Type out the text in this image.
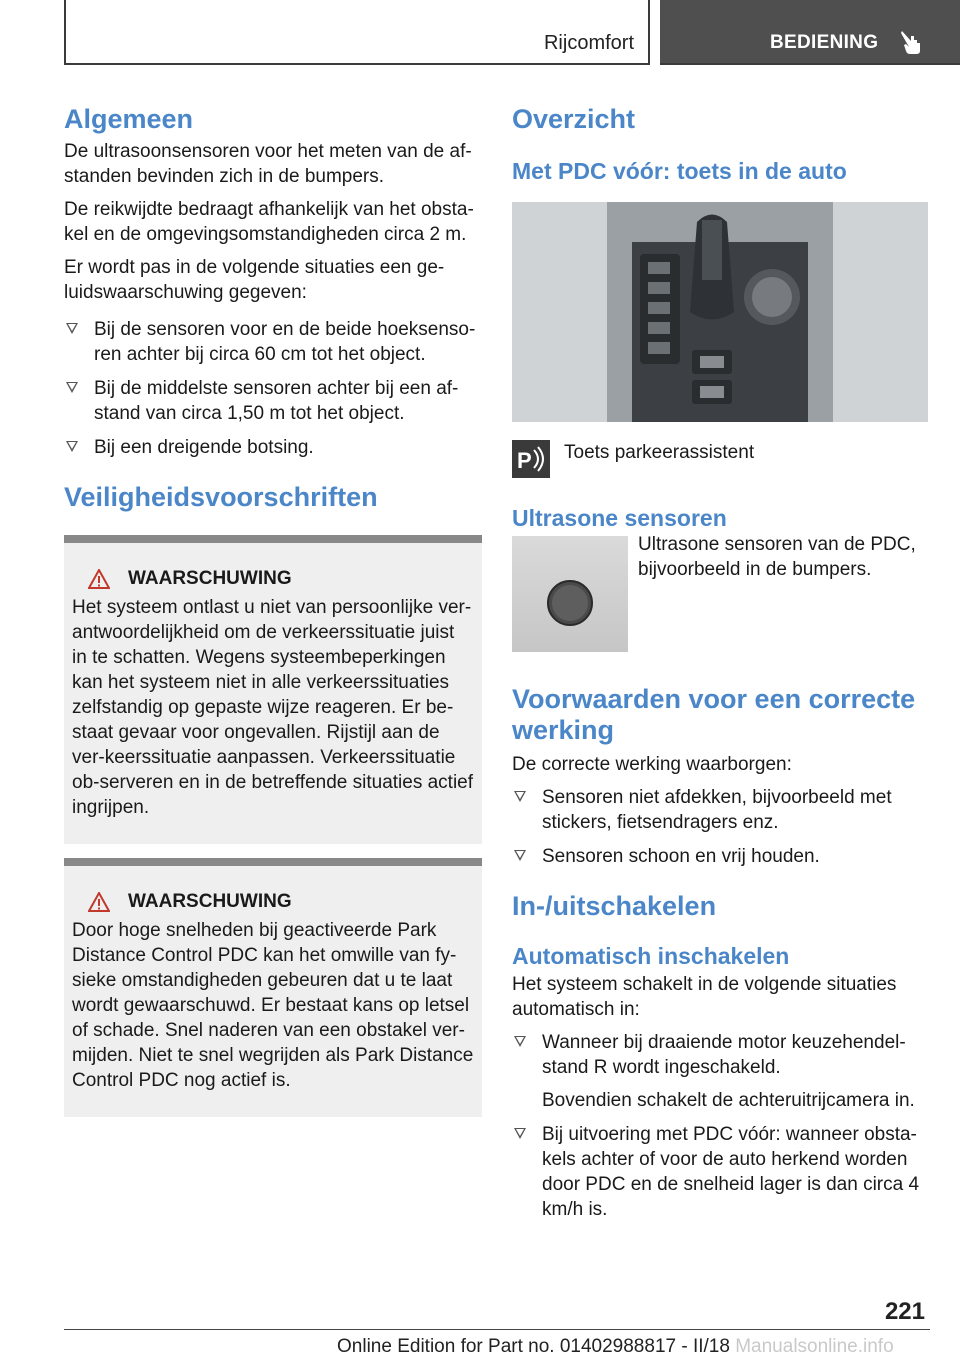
Rijcomfort	BEDIENING
Algemeen

De ultrasoonsensoren voor het meten van de af-standen bevinden zich in de bumpers.

De reikwijdte bedraagt afhankelijk van het obsta-kel en de omgevingsomstandigheden circa 2 m.

Er wordt pas in de volgende situaties een ge-luidswaarschuwing gegeven:

Bij de sensoren voor en de beide hoeksenso-ren achter bij circa 60 cm tot het object.
Bij de middelste sensoren achter bij een af-stand van circa 1,50 m tot het object.
Bij een dreigende botsing.
Veiligheidsvoorschriften
WAARSCHUWING

Het systeem ontlast u niet van persoonlijke ver-antwoordelijkheid om de verkeerssituatie juist in te schatten. Wegens systeembeperkingen kan het systeem niet in alle verkeerssituaties zelfstandig op gepaste wijze reageren. Er be-staat gevaar voor ongevallen. Rijstijl aan de ver-keerssituatie aanpassen. Verkeerssituatie ob-serveren en in de betreffende situaties actief ingrijpen.

WAARSCHUWING

Door hoge snelheden bij geactiveerde Park Distance Control PDC kan het omwille van fy-sieke omstandigheden gebeuren dat u te laat wordt gewaarschuwd. Er bestaat kans op letsel of schade. Snel naderen van een obstakel ver-mijden. Niet te snel wegrijden als Park Distance Control PDC nog actief is.

Overzicht
Met PDC vóór: toets in de auto
P Toets parkeerassistent

Ultrasone sensoren

Ultrasone sensoren van de PDC, bijvoorbeeld in de bumpers.

Voorwaarden voor een correcte werking

De correcte werking waarborgen:

Sensoren niet afdekken, bijvoorbeeld met stickers, fietsendragers enz.
Sensoren schoon en vrij houden.
In-/uitschakelen
Automatisch inschakelen

Het systeem schakelt in de volgende situaties automatisch in:

Wanneer bij draaiende motor keuzehendel-stand R wordt ingeschakeld.
Bovendien schakelt de achteruitrijcamera in.
Bij uitvoering met PDC vóór: wanneer obsta-kels achter of voor de auto herkend worden door PDC en de snelheid lager is dan circa 4 km/h is.
221
Online Edition for Part no. 01402988817 - II/18 Manualsonline.info
